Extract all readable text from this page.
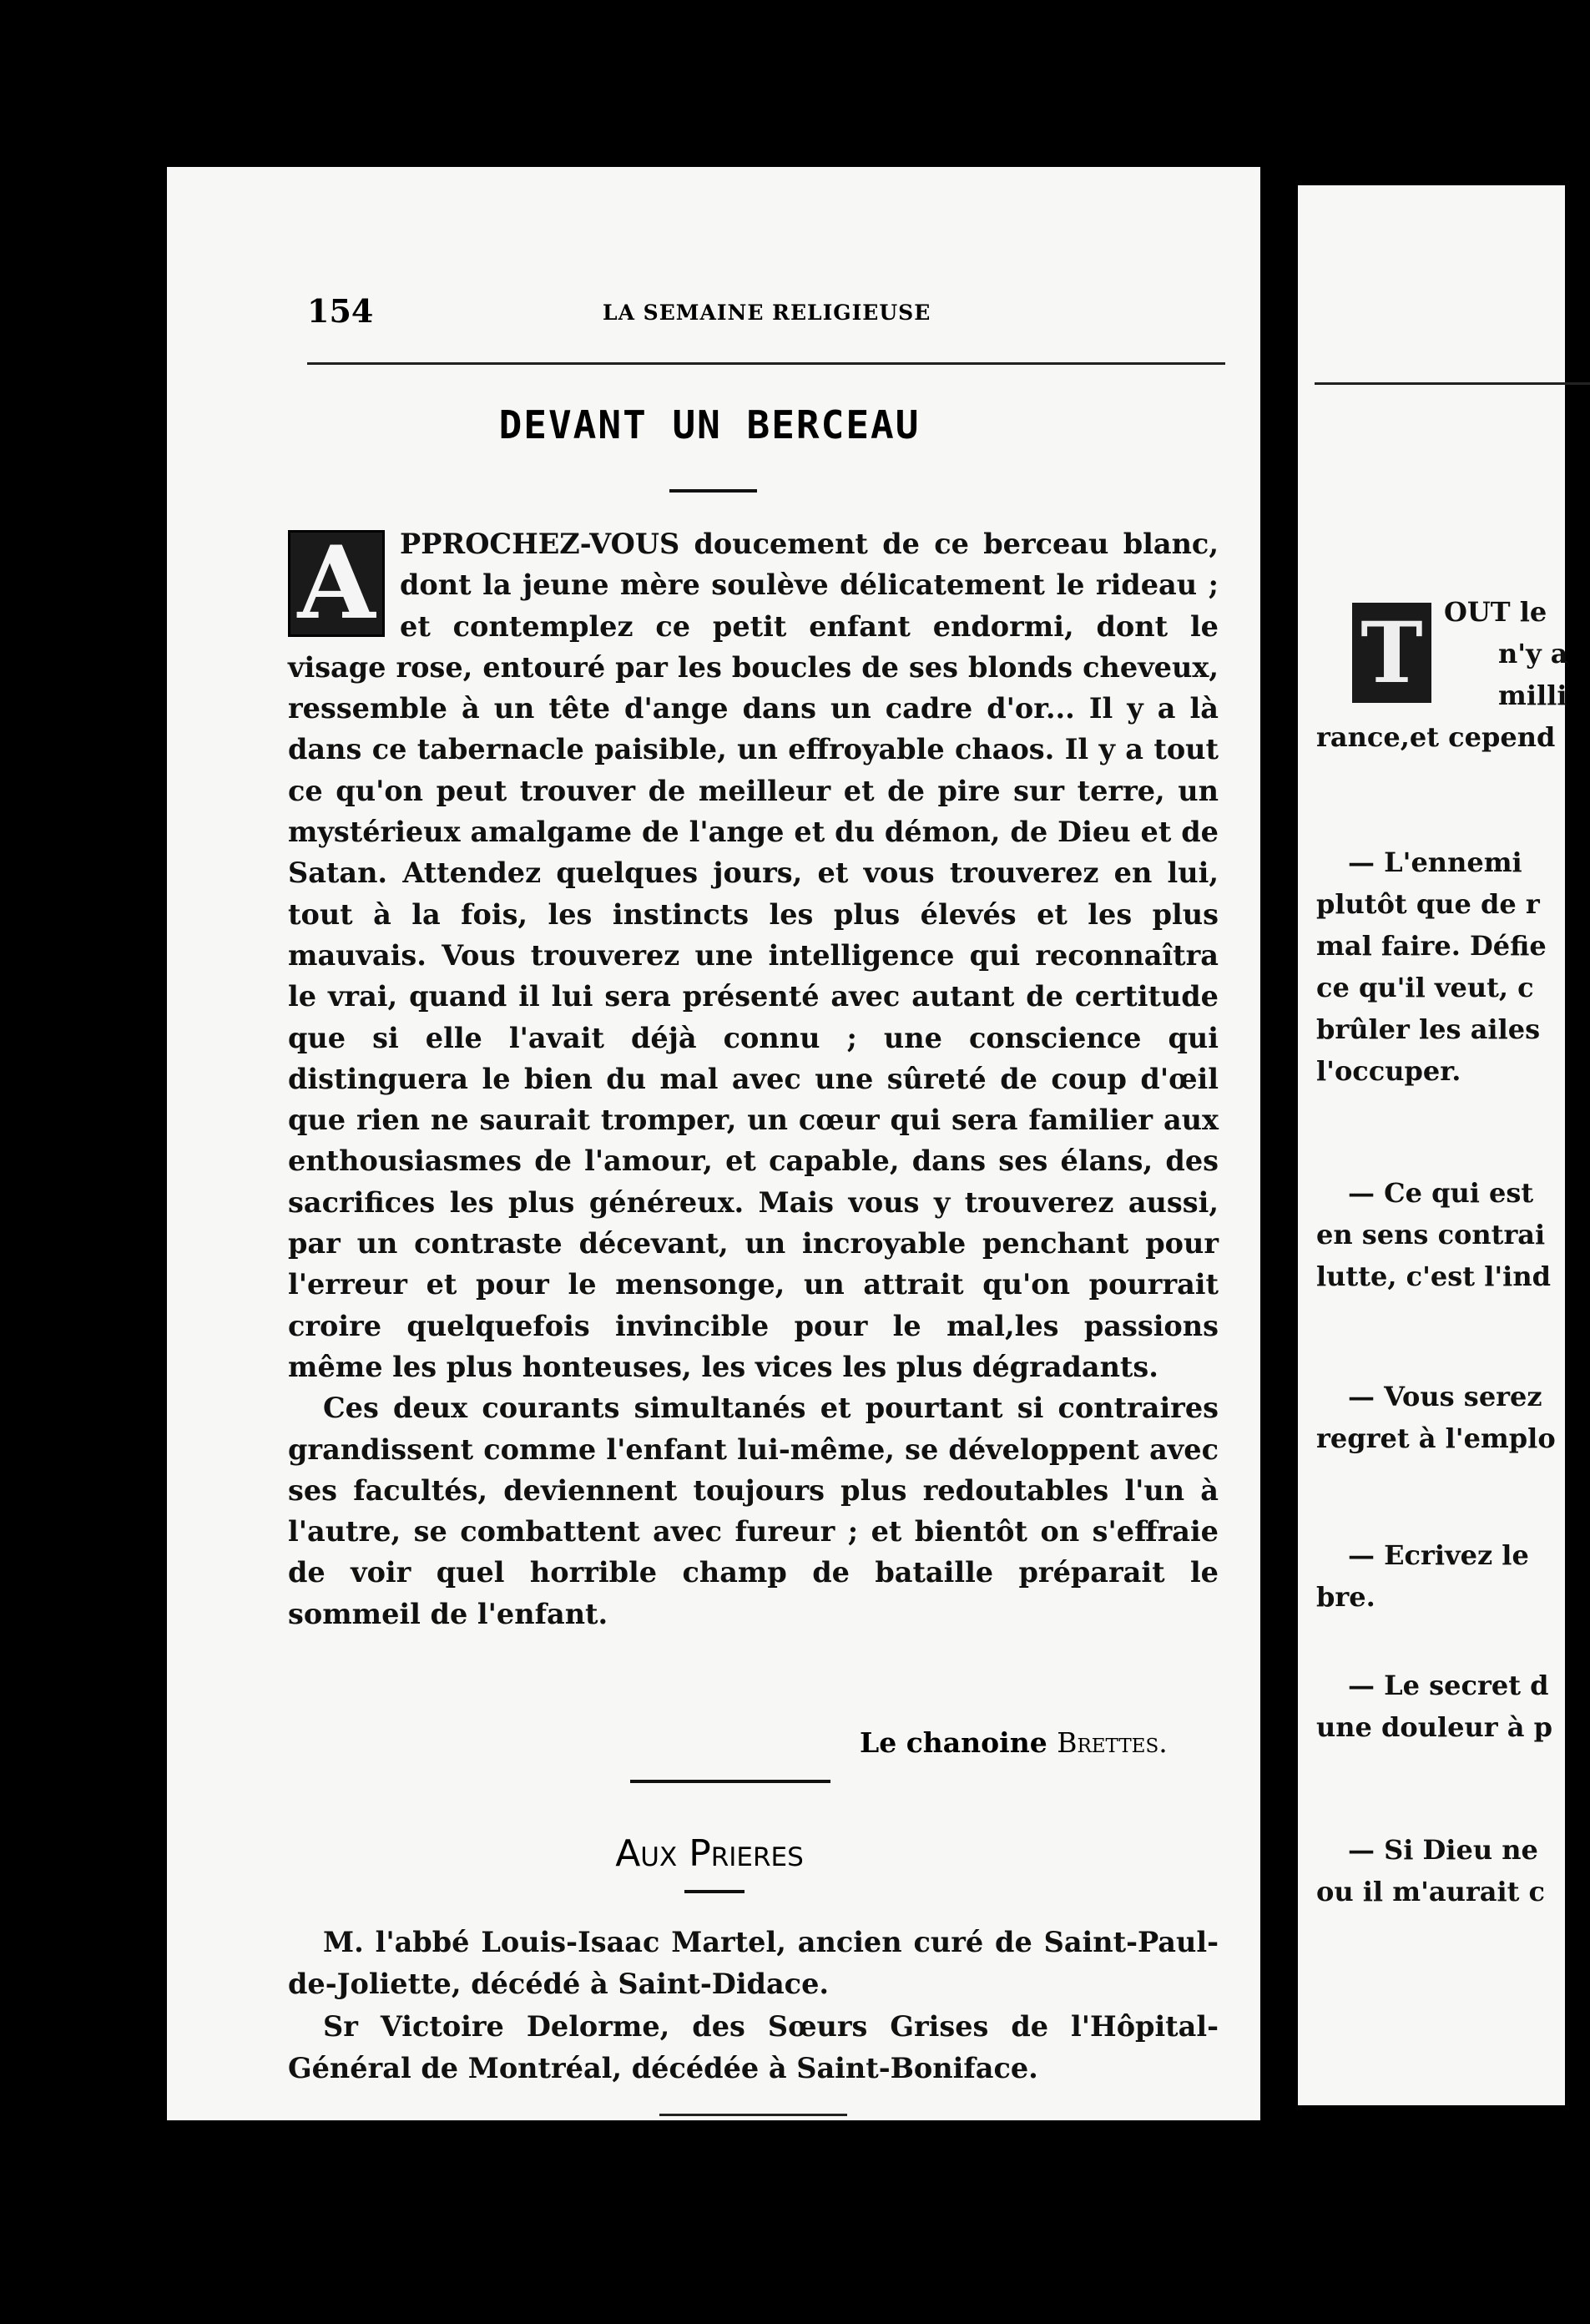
154	LA SEMAINE RELIGIEUSE
DEVANT UN BERCEAU
A PPROCHEZ-VOUS doucement de ce berceau blanc, dont la jeune mère soulève délicatement le rideau ; et contemplez ce petit enfant endormi, dont le visage rose, entouré par les boucles de ses blonds cheveux, ressemble à un tête d'ange dans un cadre d'or... Il y a là dans ce tabernacle paisible, un effroyable chaos. Il y a tout ce qu'on peut trouver de meilleur et de pire sur terre, un mystérieux amalgame de l'ange et du démon, de Dieu et de Satan. Attendez quelques jours, et vous trouverez en lui, tout à la fois, les instincts les plus élevés et les plus mauvais. Vous trouverez une intelligence qui reconnaîtra le vrai, quand il lui sera présenté avec autant de certitude que si elle l'avait déjà connu ; une conscience qui distinguera le bien du mal avec une sûreté de coup d'œil que rien ne saurait tromper, un cœur qui sera familier aux enthousiasmes de l'amour, et capable, dans ses élans, des sacrifices les plus généreux. Mais vous y trouverez aussi, par un contraste décevant, un incroyable penchant pour l'erreur et pour le mensonge, un attrait qu'on pourrait croire quelquefois invincible pour le mal,les passions même les plus honteuses, les vices les plus dégradants.

Ces deux courants simultanés et pourtant si contraires grandissent comme l'enfant lui-même, se développent avec ses facultés, deviennent toujours plus redoutables l'un à l'autre, se combattent avec fureur ; et bientôt on s'effraie de voir quel horrible champ de bataille préparait le sommeil de l'enfant.

Le chanoine Brettes.
Aux Prieres

M. l'abbé Louis-Isaac Martel, ancien curé de Saint-Paul-de-Joliette, décédé à Saint-Didace.

Sr Victoire Delorme, des Sœurs Grises de l'Hôpital-Général de Montréal, décédée à Saint-Boniface.

T OUT le
n'y a
milli
rance,et cepend
— L'ennemi
plutôt que de r
mal faire. Défie
ce qu'il veut, c
brûler les ailes
l'occuper.
— Ce qui est
en sens contrai
lutte, c'est l'ind
— Vous serez
regret à l'emplo
— Ecrivez le
bre.
— Le secret d
une douleur à p
— Si Dieu ne
ou il m'aurait c
